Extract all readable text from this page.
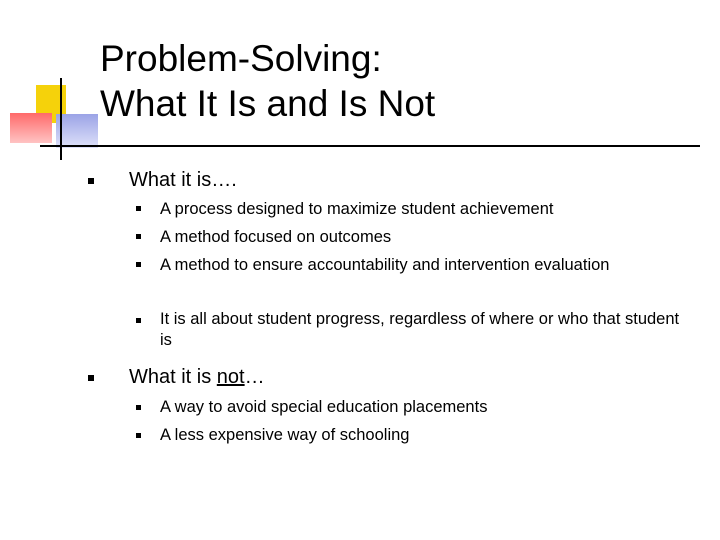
Problem-Solving:
What It Is and Is Not
What it is….
A process designed to maximize student achievement
A method focused on outcomes
A method to ensure accountability and intervention evaluation
It is all about student progress, regardless of where or who that student is
What it is not…
A way to avoid special education placements
A less expensive way of schooling
